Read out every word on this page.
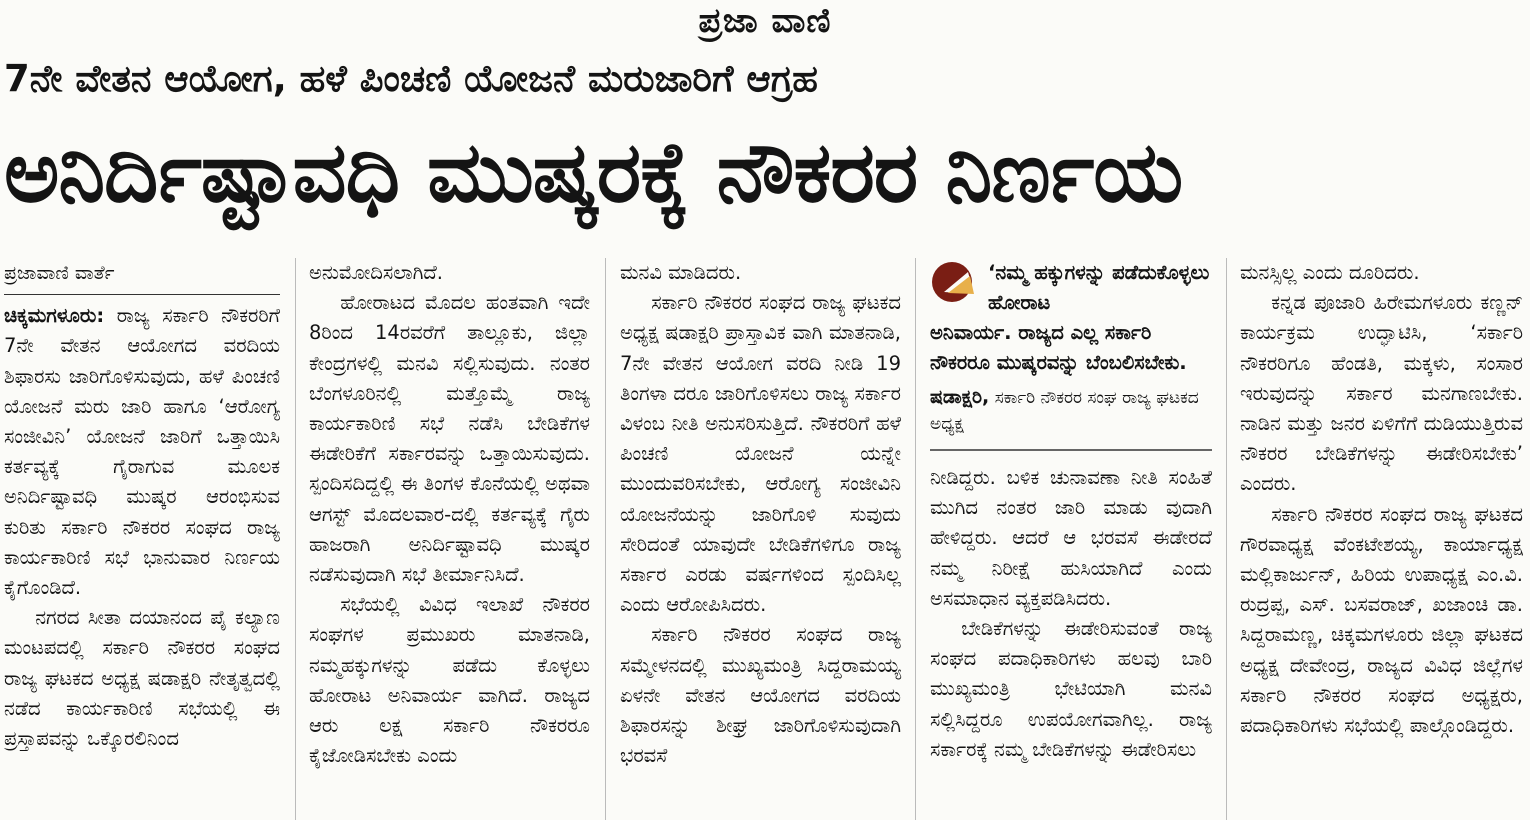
ಪ್ರಜಾ ವಾಣಿ
7ನೇ ವೇತನ ಆಯೋಗ, ಹಳೆ ಪಿಂಚಣಿ ಯೋಜನೆ ಮರುಜಾರಿಗೆ ಆಗ್ರಹ
ಅನಿರ್ದಿಷ್ಟಾವಧಿ ಮುಷ್ಕರಕ್ಕೆ ನೌಕರರ ನಿರ್ಣಯ
ಪ್ರಜಾವಾಣಿ ವಾರ್ತೆ

ಚಿಕ್ಕಮಗಳೂರು: ರಾಜ್ಯ ಸರ್ಕಾರಿ ನೌಕರರಿಗೆ 7ನೇ ವೇತನ ಆಯೋಗದ ವರದಿಯ ಶಿಫಾರಸು ಜಾರಿಗೊಳಿಸುವುದು, ಹಳೆ ಪಿಂಚಣಿ ಯೋಜನೆ ಮರು ಜಾರಿ ಹಾಗೂ ‘ಆರೋಗ್ಯ ಸಂಜೀವಿನಿ’ ಯೋಜನೆ ಜಾರಿಗೆ ಒತ್ತಾಯಿಸಿ ಕರ್ತವ್ಯಕ್ಕೆ ಗೈರಾಗುವ ಮೂಲಕ ಅನಿರ್ದಿಷ್ಟಾವಧಿ ಮುಷ್ಕರ ಆರಂಭಿಸುವ ಕುರಿತು ಸರ್ಕಾರಿ ನೌಕರರ ಸಂಘದ ರಾಜ್ಯ ಕಾರ್ಯಕಾರಿಣಿ ಸಭೆ ಭಾನುವಾರ ನಿರ್ಣಯ ಕೈಗೊಂಡಿದೆ.

ನಗರದ ಸೀತಾ ದಯಾನಂದ ಪೈ ಕಲ್ಯಾಣ ಮಂಟಪದಲ್ಲಿ ಸರ್ಕಾರಿ ನೌಕರರ ಸಂಘದ ರಾಜ್ಯ ಘಟಕದ ಅಧ್ಯಕ್ಷ ಷಡಾಕ್ಷರಿ ನೇತೃತ್ವದಲ್ಲಿ ನಡೆದ ಕಾರ್ಯಕಾರಿಣಿ ಸಭೆಯಲ್ಲಿ ಈ ಪ್ರಸ್ತಾಪವನ್ನು ಒಕ್ಕೊರಲಿನಿಂದ

ಅನುಮೋದಿಸಲಾಗಿದೆ.

ಹೋರಾಟದ ಮೊದಲ ಹಂತವಾಗಿ ಇದೇ 8ರಿಂದ 14ರವರೆಗೆ ತಾಲ್ಲೂಕು, ಜಿಲ್ಲಾ ಕೇಂದ್ರಗಳಲ್ಲಿ ಮನವಿ ಸಲ್ಲಿಸುವುದು. ನಂತರ ಬೆಂಗಳೂರಿನಲ್ಲಿ ಮತ್ತೊಮ್ಮೆ ರಾಜ್ಯ ಕಾರ್ಯಕಾರಿಣಿ ಸಭೆ ನಡೆಸಿ ಬೇಡಿಕೆಗಳ ಈಡೇರಿಕೆಗೆ ಸರ್ಕಾರವನ್ನು ಒತ್ತಾಯಿಸುವುದು. ಸ್ಪಂದಿಸದಿದ್ದಲ್ಲಿ ಈ ತಿಂಗಳ ಕೊನೆಯಲ್ಲಿ ಅಥವಾ ಆಗಸ್ಟ್ ಮೊದಲವಾರ-ದಲ್ಲಿ ಕರ್ತವ್ಯಕ್ಕೆ ಗೈರು ಹಾಜರಾಗಿ ಅನಿರ್ದಿಷ್ಟಾವಧಿ ಮುಷ್ಕರ ನಡೆಸುವುದಾಗಿ ಸಭೆ ತೀರ್ಮಾನಿಸಿದೆ.

ಸಭೆಯಲ್ಲಿ ವಿವಿಧ ಇಲಾಖೆ ನೌಕರರ ಸಂಘಗಳ ಪ್ರಮುಖರು ಮಾತನಾಡಿ, ನಮ್ಮಹಕ್ಕುಗಳನ್ನು ಪಡೆದು ಕೊಳ್ಳಲು ಹೋರಾಟ ಅನಿವಾರ್ಯ ವಾಗಿದೆ. ರಾಜ್ಯದ ಆರು ಲಕ್ಷ ಸರ್ಕಾರಿ ನೌಕರರೂ ಕೈಜೋಡಿಸಬೇಕು ಎಂದು

ಮನವಿ ಮಾಡಿದರು.

ಸರ್ಕಾರಿ ನೌಕರರ ಸಂಘದ ರಾಜ್ಯ ಘಟಕದ ಅಧ್ಯಕ್ಷ ಷಡಾಕ್ಷರಿ ಪ್ರಾಸ್ತಾವಿಕ ವಾಗಿ ಮಾತನಾಡಿ, 7ನೇ ವೇತನ ಆಯೋಗ ವರದಿ ನೀಡಿ 19 ತಿಂಗಳಾ ದರೂ ಜಾರಿಗೊಳಿಸಲು ರಾಜ್ಯ ಸರ್ಕಾರ ವಿಳಂಬ ನೀತಿ ಅನುಸರಿಸುತ್ತಿದೆ. ನೌಕರರಿಗೆ ಹಳೆ ಪಿಂಚಣಿ ಯೋಜನೆ ಯನ್ನೇ ಮುಂದುವರಿಸಬೇಕು, ಆರೋಗ್ಯ ಸಂಜೀವಿನಿ ಯೋಜನೆಯನ್ನು ಜಾರಿಗೊಳಿ ಸುವುದು ಸೇರಿದಂತೆ ಯಾವುದೇ ಬೇಡಿಕೆಗಳಿಗೂ ರಾಜ್ಯ ಸರ್ಕಾರ ಎರಡು ವರ್ಷಗಳಿಂದ ಸ್ಪಂದಿಸಿಲ್ಲ ಎಂದು ಆರೋಪಿಸಿದರು.

ಸರ್ಕಾರಿ ನೌಕರರ ಸಂಘದ ರಾಜ್ಯ ಸಮ್ಮೇಳನದಲ್ಲಿ ಮುಖ್ಯಮಂತ್ರಿ ಸಿದ್ದರಾಮಯ್ಯ ಏಳನೇ ವೇತನ ಆಯೋಗದ ವರದಿಯ ಶಿಫಾರಸನ್ನು ಶೀಘ್ರ ಜಾರಿಗೊಳಿಸುವುದಾಗಿ ಭರವಸೆ

‘ನಮ್ಮ ಹಕ್ಕುಗಳನ್ನು ಪಡೆದುಕೊಳ್ಳಲು ಹೋರಾಟ
ಅನಿವಾರ್ಯ. ರಾಜ್ಯದ ಎಲ್ಲ ಸರ್ಕಾರಿ ನೌಕರರೂ ಮುಷ್ಕರವನ್ನು ಬೆಂಬಲಿಸಬೇಕು.
ಷಡಾಕ್ಷರಿ, ಸರ್ಕಾರಿ ನೌಕರರ ಸಂಘ ರಾಜ್ಯ ಘಟಕದ ಅಧ್ಯಕ್ಷ

ನೀಡಿದ್ದರು. ಬಳಿಕ ಚುನಾವಣಾ ನೀತಿ ಸಂಹಿತೆ ಮುಗಿದ ನಂತರ ಜಾರಿ ಮಾಡು ವುದಾಗಿ ಹೇಳಿದ್ದರು. ಆದರೆ ಆ ಭರವಸೆ ಈಡೇರದೆ ನಮ್ಮ ನಿರೀಕ್ಷೆ ಹುಸಿಯಾಗಿದೆ ಎಂದು ಅಸಮಾಧಾನ ವ್ಯಕ್ತಪಡಿಸಿದರು.

ಬೇಡಿಕೆಗಳನ್ನು ಈಡೇರಿಸುವಂತೆ ರಾಜ್ಯ ಸಂಘದ ಪದಾಧಿಕಾರಿಗಳು ಹಲವು ಬಾರಿ ಮುಖ್ಯಮಂತ್ರಿ ಭೇಟಿಯಾಗಿ ಮನವಿ ಸಲ್ಲಿಸಿದ್ದರೂ ಉಪಯೋಗವಾಗಿಲ್ಲ. ರಾಜ್ಯ ಸರ್ಕಾರಕ್ಕೆ ನಮ್ಮ ಬೇಡಿಕೆಗಳನ್ನು ಈಡೇರಿಸಲು

ಮನಸ್ಸಿಲ್ಲ ಎಂದು ದೂರಿದರು.

ಕನ್ನಡ ಪೂಜಾರಿ ಹಿರೇಮಗಳೂರು ಕಣ್ಣನ್ ಕಾರ್ಯಕ್ರಮ ಉದ್ಘಾಟಿಸಿ, ‘ಸರ್ಕಾರಿ ನೌಕರರಿಗೂ ಹೆಂಡತಿ, ಮಕ್ಕಳು, ಸಂಸಾರ ಇರುವುದನ್ನು ಸರ್ಕಾರ ಮನಗಾಣಬೇಕು. ನಾಡಿನ ಮತ್ತು ಜನರ ಏಳಿಗೆಗೆ ದುಡಿಯುತ್ತಿರುವ ನೌಕರರ ಬೇಡಿಕೆಗಳನ್ನು ಈಡೇರಿಸಬೇಕು’ ಎಂದರು.

ಸರ್ಕಾರಿ ನೌಕರರ ಸಂಘದ ರಾಜ್ಯ ಘಟಕದ ಗೌರವಾಧ್ಯಕ್ಷ ವೆಂಕಟೇಶಯ್ಯ, ಕಾರ್ಯಾಧ್ಯಕ್ಷ ಮಲ್ಲಿಕಾರ್ಜುನ್, ಹಿರಿಯ ಉಪಾಧ್ಯಕ್ಷ ಎಂ.ವಿ. ರುದ್ರಪ್ಪ, ಎಸ್. ಬಸವರಾಜ್, ಖಜಾಂಚಿ ಡಾ. ಸಿದ್ದರಾಮಣ್ಣ, ಚಿಕ್ಕಮಗಳೂರು ಜಿಲ್ಲಾ ಘಟಕದ ಅಧ್ಯಕ್ಷ ದೇವೇಂದ್ರ, ರಾಜ್ಯದ ವಿವಿಧ ಜಿಲ್ಲೆಗಳ ಸರ್ಕಾರಿ ನೌಕರರ ಸಂಘದ ಅಧ್ಯಕ್ಷರು, ಪದಾಧಿಕಾರಿಗಳು ಸಭೆಯಲ್ಲಿ ಪಾಲ್ಗೊಂಡಿದ್ದರು.
